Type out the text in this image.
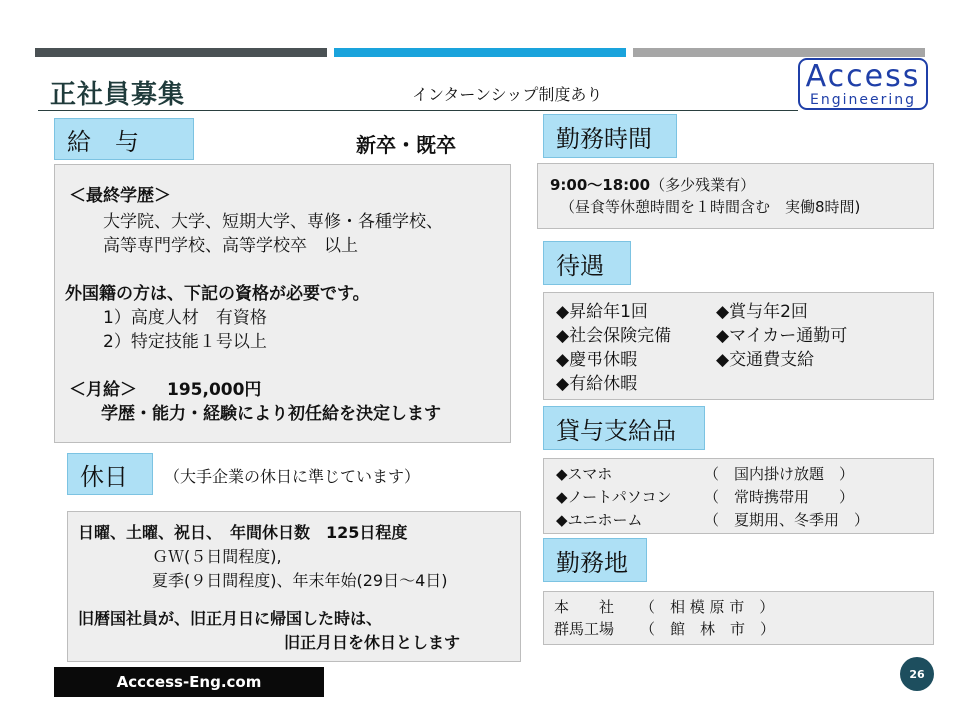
正社員募集	インターンシップ制度あり
Access
Engineering
給　与	新卒・既卒
＜最終学歴＞
大学院、大学、短期大学、専修・各種学校、
高等専門学校、高等学校卒　以上
外国籍の方は、下記の資格が必要です。
1）高度人材　有資格
2）特定技能１号以上
＜月給＞ 195,000円
学歴・能力・経験により初任給を決定します
休日	（大手企業の休日に準じています）
日曜、土曜、祝日、　年間休日数　125日程度
ＧＷ(５日間程度),
夏季(９日間程度)、年末年始(29日～4日)
旧暦国社員が、旧正月日に帰国した時は、
旧正月日を休日とします
勤務時間
9:00～18:00（多少残業有）
（昼食等休憩時間を１時間含む　実働8時間)
待遇
◆昇給年1回	◆賞与年2回
◆社会保険完備	◆マイカー通勤可
◆慶弔休暇	◆交通費支給
◆有給休暇
貸与支給品
◆スマホ	（　国内掛け放題　）
◆ノートパソコン （　常時携帯用　　）
◆ユニホーム	（　夏期用、冬季用　）
勤務地
本　　社 （　相 模 原 市　）
群馬工場 （　館　林　市　）
Acccess-Eng.com	26
